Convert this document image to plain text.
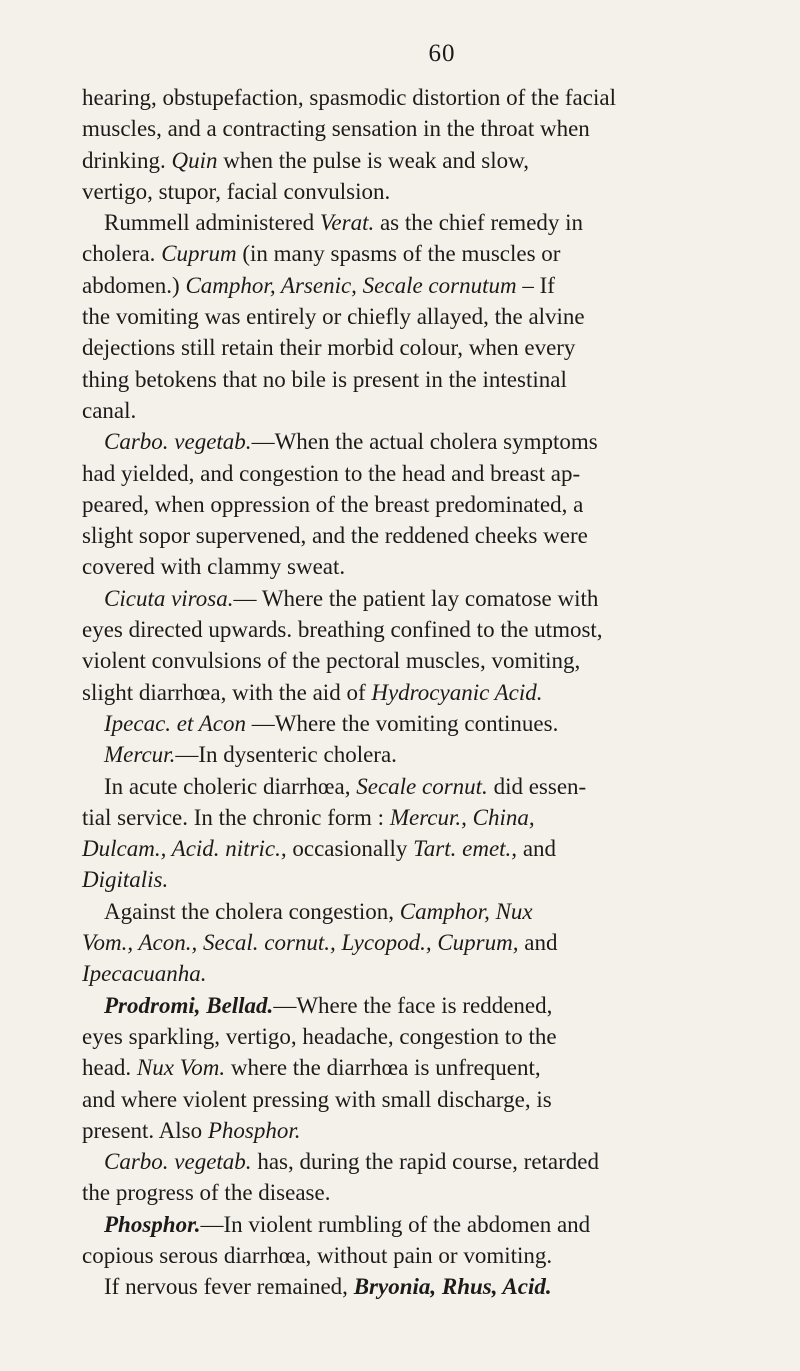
60
hearing, obstupefaction, spasmodic distortion of the facial
muscles, and a contracting sensation in the throat when
drinking. Quin when the pulse is weak and slow,
vertigo, stupor, facial convulsion.
Rummell administered Verat. as the chief remedy in
cholera. Cuprum (in many spasms of the muscles or
abdomen.) Camphor, Arsenic, Secale cornutum – If
the vomiting was entirely or chiefly allayed, the alvine
dejections still retain their morbid colour, when every
thing betokens that no bile is present in the intestinal
canal.
Carbo. vegetab.—When the actual cholera symptoms
had yielded, and congestion to the head and breast ap-
peared, when oppression of the breast predominated, a
slight sopor supervened, and the reddened cheeks were
covered with clammy sweat.
Cicuta virosa.— Where the patient lay comatose with
eyes directed upwards. breathing confined to the utmost,
violent convulsions of the pectoral muscles, vomiting,
slight diarrhœa, with the aid of Hydrocyanic Acid.
Ipecac. et Acon —Where the vomiting continues.
Mercur.—In dysenteric cholera.
In acute choleric diarrhœa, Secale cornut. did essen-
tial service. In the chronic form : Mercur., China,
Dulcam., Acid. nitric., occasionally Tart. emet., and
Digitalis.
Against the cholera congestion, Camphor, Nux
Vom., Acon., Secal. cornut., Lycopod., Cuprum, and
Ipecacuanha.
Prodromi, Bellad.—Where the face is reddened,
eyes sparkling, vertigo, headache, congestion to the
head. Nux Vom. where the diarrhœa is unfrequent,
and where violent pressing with small discharge, is
present. Also Phosphor.
Carbo. vegetab. has, during the rapid course, retarded
the progress of the disease.
Phosphor.—In violent rumbling of the abdomen and
copious serous diarrhœa, without pain or vomiting.
If nervous fever remained, Bryonia, Rhus, Acid.
